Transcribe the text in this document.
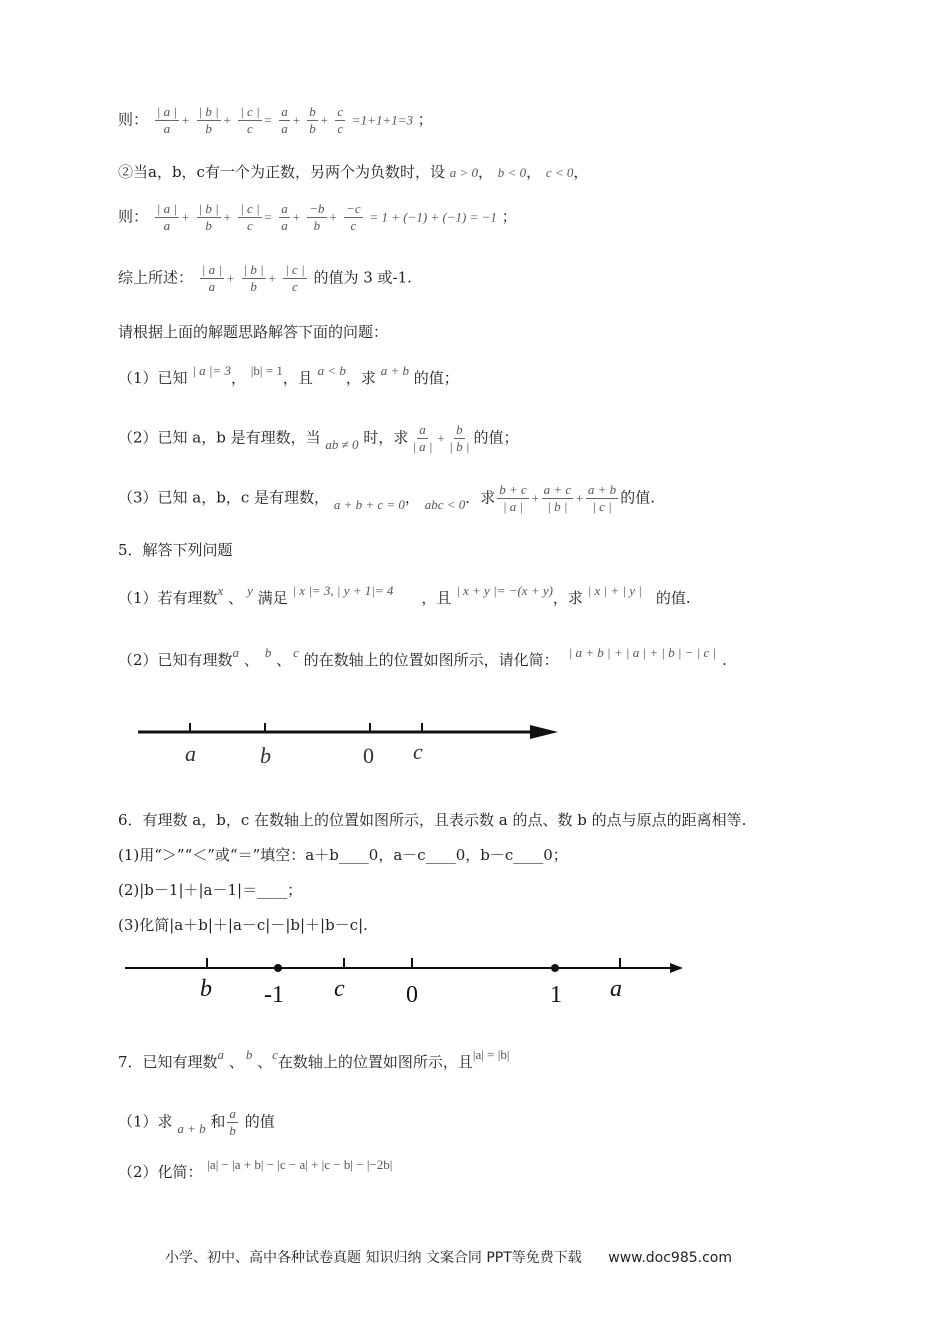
则： $\frac{| a |}{a} + \frac{| b |}{b} + \frac{| c |}{c} = \frac{a}{a} + \frac{b}{b} + \frac{c}{c} =1+1+1=3$ ；
②当a，b，c有一个为正数，另两个为负数时，设 a > 0， b < 0， c < 0，
则： $\frac{| a |}{a} + \frac{| b |}{b} + \frac{| c |}{c} = \frac{a}{a} + \frac{-b}{b} + \frac{-c}{c} = 1 + (-1) + (-1) = -1$ ；
综上所述： $\frac{| a |}{a} + \frac{| b |}{b} + \frac{| c |}{c}$ 的值为 3 或-1.
请根据上面的解题思路解答下面的问题：
（1）已知 | a |= 3， |b| = 1，且 a < b，求 a + b 的值；
（2）已知 a，b 是有理数，当 ab ≠ 0 时，求 $\frac{a}{| a |} + \frac{b}{| b |}$ 的值；
（3）已知 a，b，c 是有理数， a + b + c = 0， abc < 0．求 $\frac{b + c}{| a |} + \frac{a + c}{| b |} + \frac{a + b}{| c |}$ 的值.
5．解答下列问题
（1）若有理数x 、 y 满足 | x |= 3, | y + 1|= 4 ，且 | x + y |= −(x + y)，求 | x | + | y | 的值.
（2）已知有理数a 、 b 、 c 的在数轴上的位置如图所示，请化简： | a + b | + | a | + | b | − | c | .
a	b	0 c
6．有理数 a，b，c 在数轴上的位置如图所示，且表示数 a 的点、数 b 的点与原点的距离相等.
(1)用“＞”“＜”或“＝”填空：a＋b____0，a－c____0，b－c____0；
(2)|b－1|＋|a－1|＝____；
(3)化简|a＋b|＋|a－c|－|b|＋|b－c|.
b -1 c	0	1 a
7．已知有理数a 、 b 、c在数轴上的位置如图所示，且|a| = |b|
（1）求 a + b 和 $\frac{a}{b}$ 的值
（2）化简： |a| − |a + b| − |c − a| + |c − b| − |−2b|
小学、初中、高中各种试卷真题 知识归纳 文案合同 PPT等免费下载 www.doc985.com
